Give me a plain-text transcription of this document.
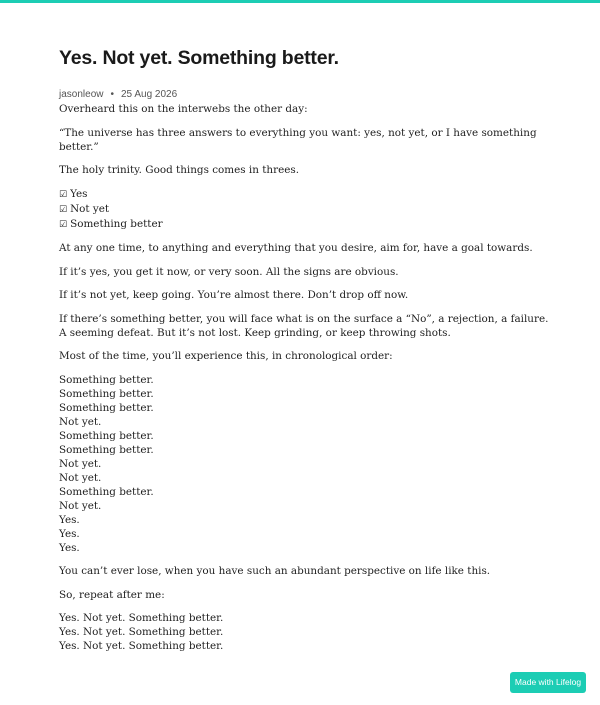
Yes. Not yet. Something better.
jasonleow • 25 Aug 2026

Overheard this on the interwebs the other day:

“The universe has three answers to everything you want: yes, not yet, or I have something better.”

The holy trinity. Good things comes in threes.

☑ Yes
☑ Not yet
☑ Something better

At any one time, to anything and everything that you desire, aim for, have a goal towards.

If it’s yes, you get it now, or very soon. All the signs are obvious.

If it’s not yet, keep going. You’re almost there. Don’t drop off now.

If there’s something better, you will face what is on the surface a “No”, a rejection, a failure. A seeming defeat. But it’s not lost. Keep grinding, or keep throwing shots.

Most of the time, you’ll experience this, in chronological order:

Something better.
Something better.
Something better.
Not yet.
Something better.
Something better.
Not yet.
Not yet.
Something better.
Not yet.
Yes.
Yes.
Yes.

You can’t ever lose, when you have such an abundant perspective on life like this.

So, repeat after me:

Yes. Not yet. Something better.
Yes. Not yet. Something better.
Yes. Not yet. Something better.
Made with Lifelog
